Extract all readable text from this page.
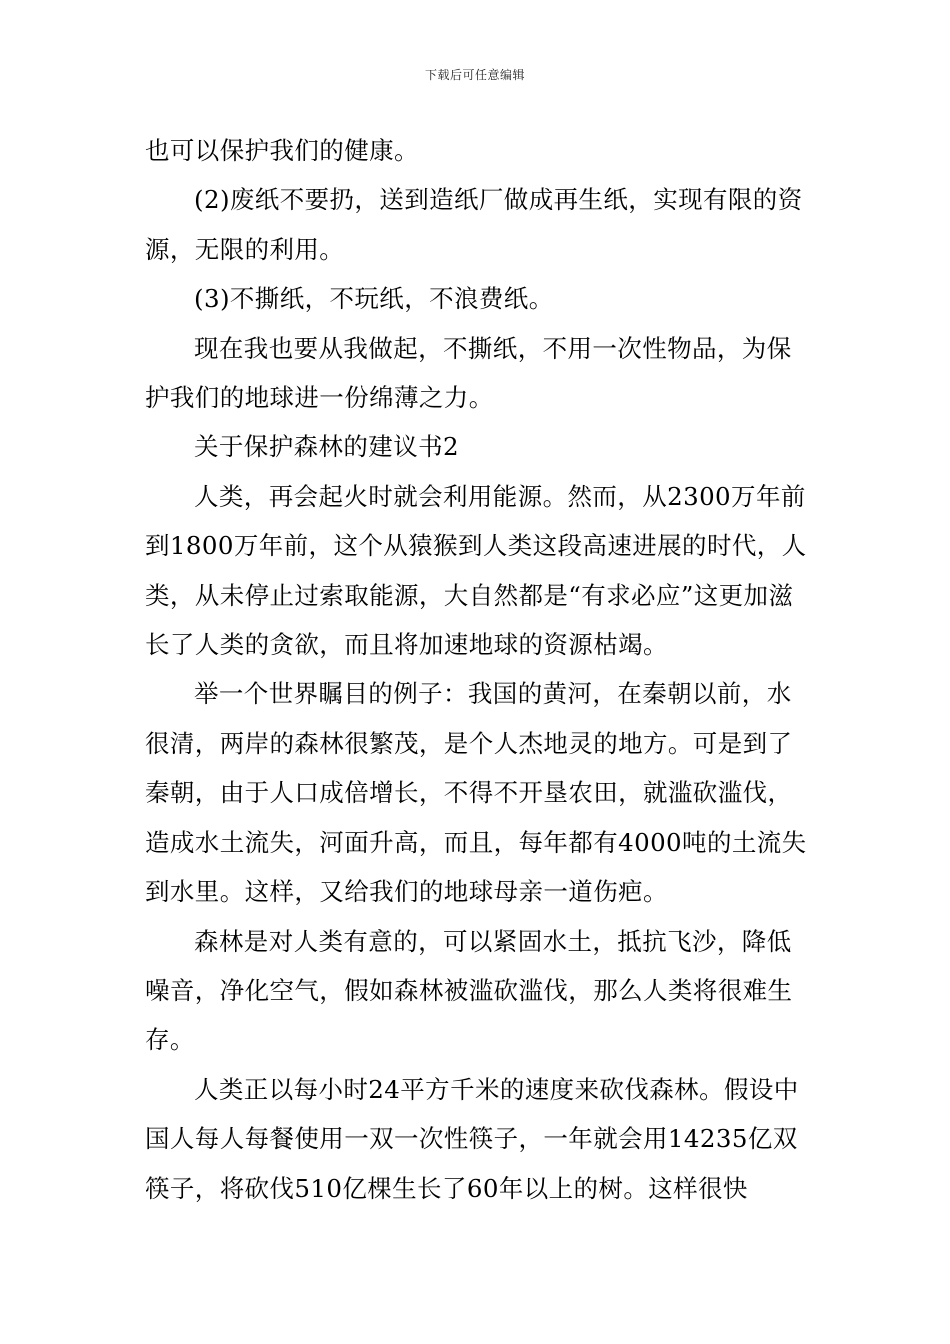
下载后可任意编辑

也可以保护我们的健康。

(2)废纸不要扔，送到造纸厂做成再生纸，实现有限的资源，无限的利用。

(3)不撕纸，不玩纸，不浪费纸。

现在我也要从我做起，不撕纸，不用一次性物品，为保护我们的地球进一份绵薄之力。

关于保护森林的建议书2

人类，再会起火时就会利用能源。然而，从2300万年前到1800万年前，这个从猿猴到人类这段高速进展的时代，人类，从未停止过索取能源，大自然都是“有求必应”这更加滋长了人类的贪欲，而且将加速地球的资源枯竭。

举一个世界瞩目的例子：我国的黄河，在秦朝以前，水很清，两岸的森林很繁茂，是个人杰地灵的地方。可是到了秦朝，由于人口成倍增长，不得不开垦农田，就滥砍滥伐，造成水土流失，河面升高，而且，每年都有4000吨的土流失到水里。这样，又给我们的地球母亲一道伤疤。

森林是对人类有意的，可以紧固水土，抵抗飞沙，降低噪音，净化空气，假如森林被滥砍滥伐，那么人类将很难生存。

人类正以每小时24平方千米的速度来砍伐森林。假设中国人每人每餐使用一双一次性筷子，一年就会用14235亿双筷子，将砍伐510亿棵生长了60年以上的树。这样很快
